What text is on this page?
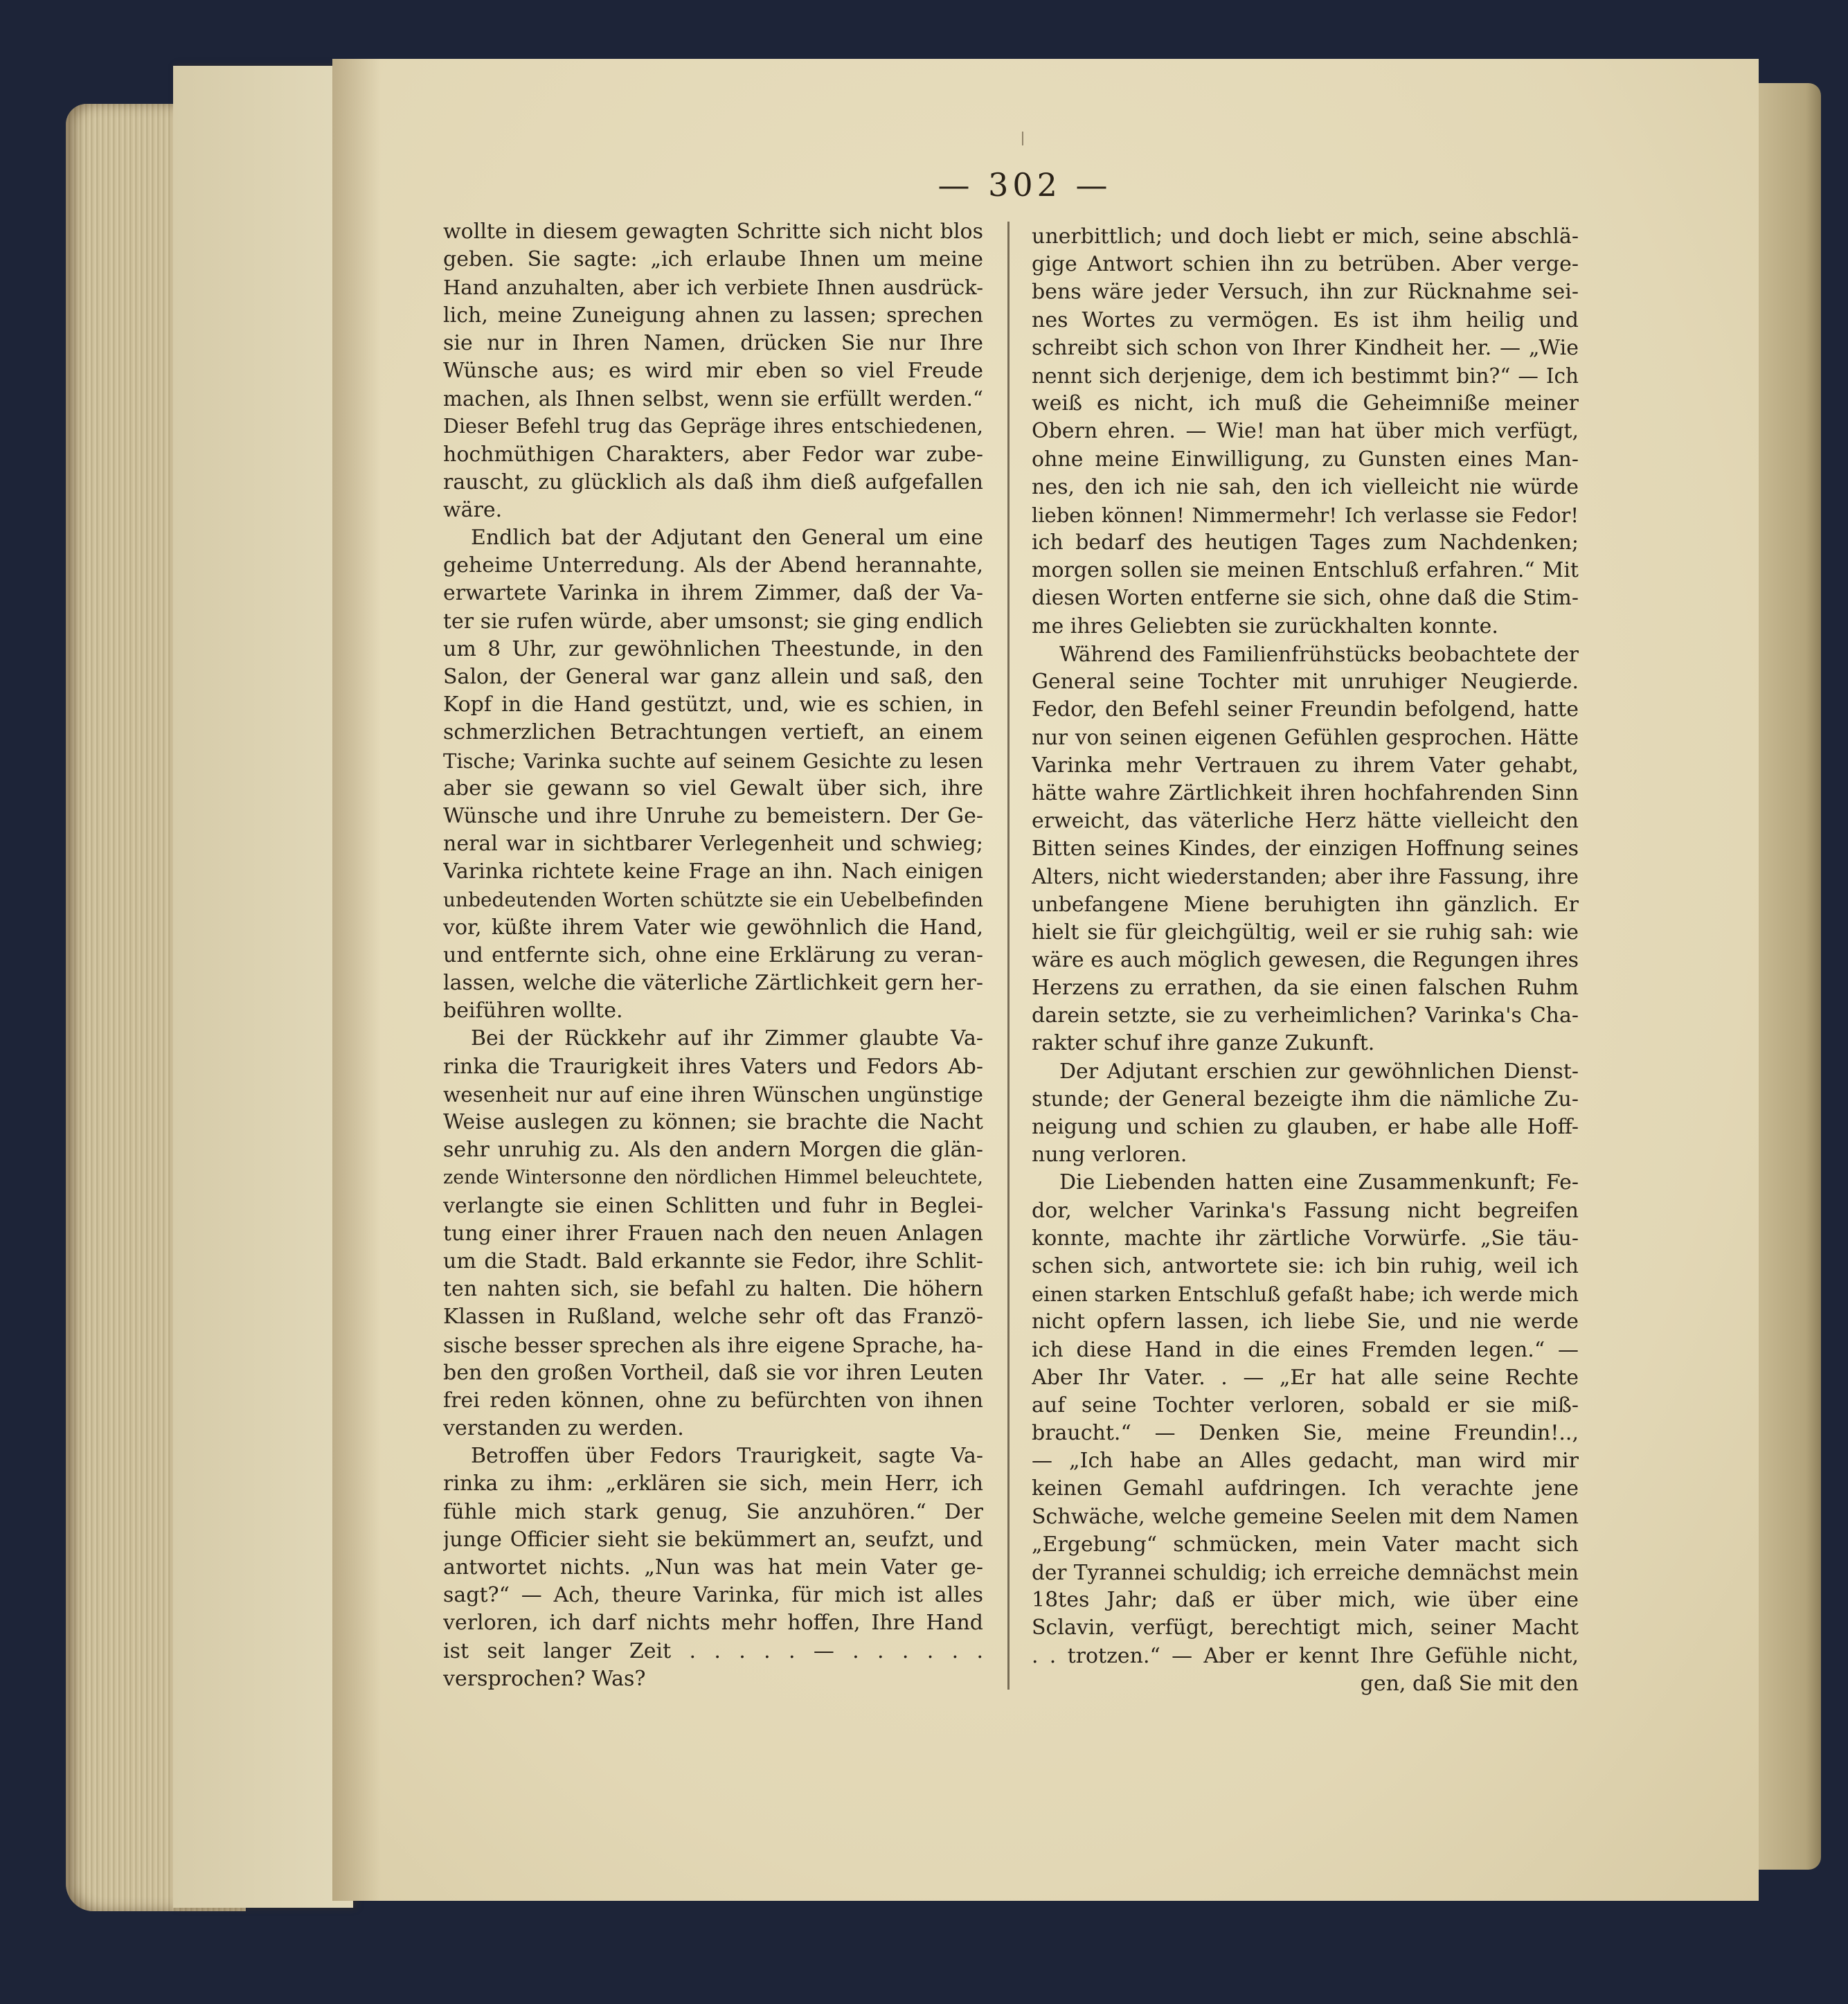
— 302 —
wollte in diesem gewagten Schritte sich nicht blos
geben. Sie sagte: „ich erlaube Ihnen um meine
Hand anzuhalten, aber ich verbiete Ihnen ausdrück-
lich, meine Zuneigung ahnen zu lassen; sprechen
sie nur in Ihren Namen, drücken Sie nur Ihre
Wünsche aus; es wird mir eben so viel Freude
machen, als Ihnen selbst, wenn sie erfüllt werden.“
Dieser Befehl trug das Gepräge ihres entschiedenen,
hochmüthigen Charakters, aber Fedor war zube-
rauscht, zu glücklich als daß ihm dieß aufgefallen
wäre.
Endlich bat der Adjutant den General um eine
geheime Unterredung. Als der Abend herannahte,
erwartete Varinka in ihrem Zimmer, daß der Va-
ter sie rufen würde, aber umsonst; sie ging endlich
um 8 Uhr, zur gewöhnlichen Theestunde, in den
Salon, der General war ganz allein und saß, den
Kopf in die Hand gestützt, und, wie es schien, in
schmerzlichen Betrachtungen vertieft, an einem
Tische; Varinka suchte auf seinem Gesichte zu lesen
aber sie gewann so viel Gewalt über sich, ihre
Wünsche und ihre Unruhe zu bemeistern. Der Ge-
neral war in sichtbarer Verlegenheit und schwieg;
Varinka richtete keine Frage an ihn. Nach einigen
unbedeutenden Worten schützte sie ein Uebelbefinden
vor, küßte ihrem Vater wie gewöhnlich die Hand,
und entfernte sich, ohne eine Erklärung zu veran-
lassen, welche die väterliche Zärtlichkeit gern her-
beiführen wollte.
Bei der Rückkehr auf ihr Zimmer glaubte Va-
rinka die Traurigkeit ihres Vaters und Fedors Ab-
wesenheit nur auf eine ihren Wünschen ungünstige
Weise auslegen zu können; sie brachte die Nacht
sehr unruhig zu. Als den andern Morgen die glän-
zende Wintersonne den nördlichen Himmel beleuchtete,
verlangte sie einen Schlitten und fuhr in Beglei-
tung einer ihrer Frauen nach den neuen Anlagen
um die Stadt. Bald erkannte sie Fedor, ihre Schlit-
ten nahten sich, sie befahl zu halten. Die höhern
Klassen in Rußland, welche sehr oft das Franzö-
sische besser sprechen als ihre eigene Sprache, ha-
ben den großen Vortheil, daß sie vor ihren Leuten
frei reden können, ohne zu befürchten von ihnen
verstanden zu werden.
Betroffen über Fedors Traurigkeit, sagte Va-
rinka zu ihm: „erklären sie sich, mein Herr, ich
fühle mich stark genug, Sie anzuhören.“ Der
junge Officier sieht sie bekümmert an, seufzt, und
antwortet nichts. „Nun was hat mein Vater ge-
sagt?“ — Ach, theure Varinka, für mich ist alles
verloren, ich darf nichts mehr hoffen, Ihre Hand
ist seit langer Zeit . . . . . — . . . . . .
versprochen? Was?
unerbittlich; und doch liebt er mich, seine abschlä-
gige Antwort schien ihn zu betrüben. Aber verge-
bens wäre jeder Versuch, ihn zur Rücknahme sei-
nes Wortes zu vermögen. Es ist ihm heilig und
schreibt sich schon von Ihrer Kindheit her. — „Wie
nennt sich derjenige, dem ich bestimmt bin?“ — Ich
weiß es nicht, ich muß die Geheimniße meiner
Obern ehren. — Wie! man hat über mich verfügt,
ohne meine Einwilligung, zu Gunsten eines Man-
nes, den ich nie sah, den ich vielleicht nie würde
lieben können! Nimmermehr! Ich verlasse sie Fedor!
ich bedarf des heutigen Tages zum Nachdenken;
morgen sollen sie meinen Entschluß erfahren.“ Mit
diesen Worten entferne sie sich, ohne daß die Stim-
me ihres Geliebten sie zurückhalten konnte.
Während des Familienfrühstücks beobachtete der
General seine Tochter mit unruhiger Neugierde.
Fedor, den Befehl seiner Freundin befolgend, hatte
nur von seinen eigenen Gefühlen gesprochen. Hätte
Varinka mehr Vertrauen zu ihrem Vater gehabt,
hätte wahre Zärtlichkeit ihren hochfahrenden Sinn
erweicht, das väterliche Herz hätte vielleicht den
Bitten seines Kindes, der einzigen Hoffnung seines
Alters, nicht wiederstanden; aber ihre Fassung, ihre
unbefangene Miene beruhigten ihn gänzlich. Er
hielt sie für gleichgültig, weil er sie ruhig sah: wie
wäre es auch möglich gewesen, die Regungen ihres
Herzens zu errathen, da sie einen falschen Ruhm
darein setzte, sie zu verheimlichen? Varinka's Cha-
rakter schuf ihre ganze Zukunft.
Der Adjutant erschien zur gewöhnlichen Dienst-
stunde; der General bezeigte ihm die nämliche Zu-
neigung und schien zu glauben, er habe alle Hoff-
nung verloren.
Die Liebenden hatten eine Zusammenkunft; Fe-
dor, welcher Varinka's Fassung nicht begreifen
konnte, machte ihr zärtliche Vorwürfe. „Sie täu-
schen sich, antwortete sie: ich bin ruhig, weil ich
einen starken Entschluß gefaßt habe; ich werde mich
nicht opfern lassen, ich liebe Sie, und nie werde
ich diese Hand in die eines Fremden legen.“ —
Aber Ihr Vater. . — „Er hat alle seine Rechte
auf seine Tochter verloren, sobald er sie miß-
braucht.“ — Denken Sie, meine Freundin!..,
— „Ich habe an Alles gedacht, man wird mir
keinen Gemahl aufdringen. Ich verachte jene
Schwäche, welche gemeine Seelen mit dem Namen
„Ergebung“ schmücken, mein Vater macht sich
der Tyrannei schuldig; ich erreiche demnächst mein
18tes Jahr; daß er über mich, wie über eine
Sclavin, verfügt, berechtigt mich, seiner Macht
. . trotzen.“ — Aber er kennt Ihre Gefühle nicht,
gen, daß Sie mit den
